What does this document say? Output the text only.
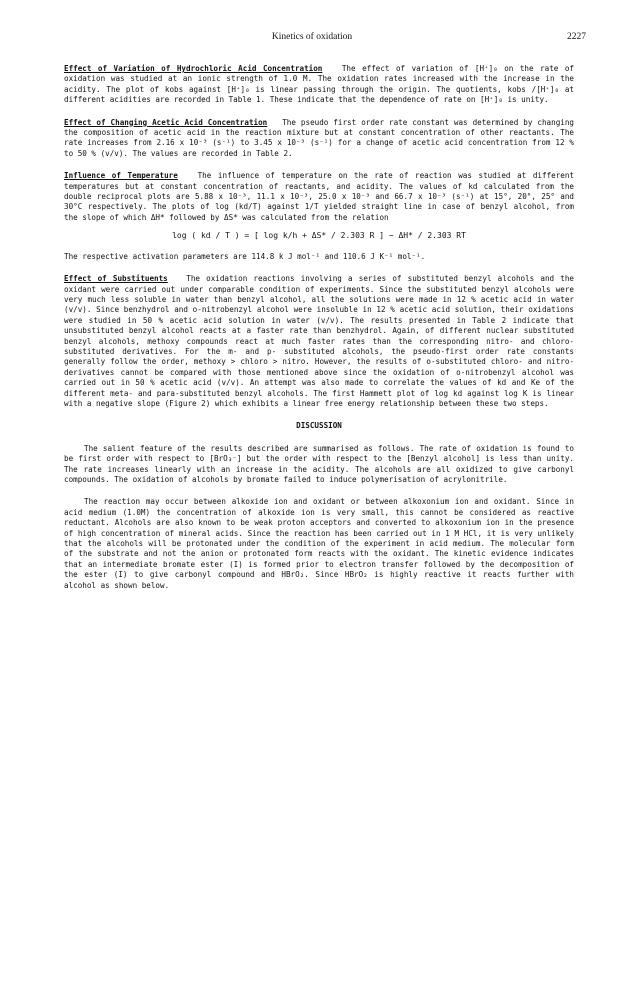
Kinetics of oxidation	2227

Effect of Variation of Hydrochloric Acid Concentration	The effect of variation of [H⁺]₀ on the rate of oxidation was studied at an ionic strength of 1.0 M. The oxidation rates increased with the increase in the acidity. The plot of kobs against [H⁺]₀ is linear passing through the origin. The quotients, kobs /[H⁺]₀ at different acidities are recorded in Table 1. These indicate that the dependence of rate on [H⁺]₀ is unity.

Effect of Changing Acetic Acid Concentration The pseudo first order rate constant was determined by changing the composition of acetic acid in the reaction mixture but at constant concentration of other reactants. The rate increases from 2.16 x 10⁻³ (s⁻¹) to 3.45 x 10⁻³ (s⁻¹) for a change of acetic acid concentration from 12 % to 50 % (v/v). The values are recorded in Table 2.

Influence of Temperature	The influence of temperature on the rate of reaction was studied at different temperatures but at constant concentration of reactants, and acidity. The values of kd calculated from the double reciprocal plots are 5.88 x 10⁻³, 11.1 x 10⁻³, 25.0 x 10⁻³ and 66.7 x 10⁻³ (s⁻¹) at 15°, 20°, 25° and 30°C respectively. The plots of log (kd/T) against 1/T yielded straight line in case of benzyl alcohol, from the slope of which ΔH* followed by ΔS* was calculated from the relation

log ( kd / T ) = [ log k/h + ΔS* / 2.303 R ] − ΔH* / 2.303 RT

The respective activation parameters are 114.8 k J mol⁻¹ and 110.6 J K⁻¹ mol⁻¹.

Effect of Substituents The oxidation reactions involving a series of substituted benzyl alcohols and the oxidant were carried out under comparable condition of experiments. Since the substituted benzyl alcohols were very much less soluble in water than benzyl alcohol, all the solutions were made in 12 % acetic acid in water (v/v). Since benzhydrol and o-nitrobenzyl alcohol were insoluble in 12 % acetic acid solution, their oxidations were studied in 50 % acetic acid solution in water (v/v). The results presented in Table 2 indicate that unsubstituted benzyl alcohol reacts at a faster rate than benzhydrol. Again, of different nuclear substituted benzyl alcohols, methoxy compounds react at much faster rates than the corresponding nitro- and chloro- substituted derivatives. For the m- and p- substituted alcohols, the pseudo-first order rate constants generally follow the order, methoxy > chloro > nitro. However, the results of o-substituted chloro- and nitro- derivatives cannot be compared with those mentioned above since the oxidation of o-nitrobenzyl alcohol was carried out in 50 % acetic acid (v/v). An attempt was also made to correlate the values of kd and Ke of the different meta- and para-substituted benzyl alcohols. The first Hammett plot of log kd against log K is linear with a negative slope (Figure 2) which exhibits a linear free energy relationship between these two steps.

DISCUSSION

The salient feature of the results described are summarised as follows. The rate of oxidation is found to be first order with respect to [BrO₃⁻] but the order with respect to the [Benzyl alcohol] is less than unity. The rate increases linearly with an increase in the acidity. The alcohols are all oxidized to give carbonyl compounds. The oxidation of alcohols by bromate failed to induce polymerisation of acrylonitrile.

The reaction may occur between alkoxide ion and oxidant or between alkoxonium ion and oxidant. Since in acid medium (1.0M) the concentration of alkoxide ion is very small, this cannot be considered as reactive reductant. Alcohols are also known to be weak proton acceptors and converted to alkoxonium ion in the presence of high concentration of mineral acids. Since the reaction has been carried out in 1 M HCl, it is very unlikely that the alcohols will be protonated under the condition of the experiment in acid medium. The molecular form of the substrate and not the anion or protonated form reacts with the oxidant. The kinetic evidence indicates that an intermediate bromate ester (I) is formed prior to electron transfer followed by the decomposition of the ester (I) to give carbonyl compound and HBrO₂. Since HBrO₂ is highly reactive it reacts further with alcohol as shown below.
